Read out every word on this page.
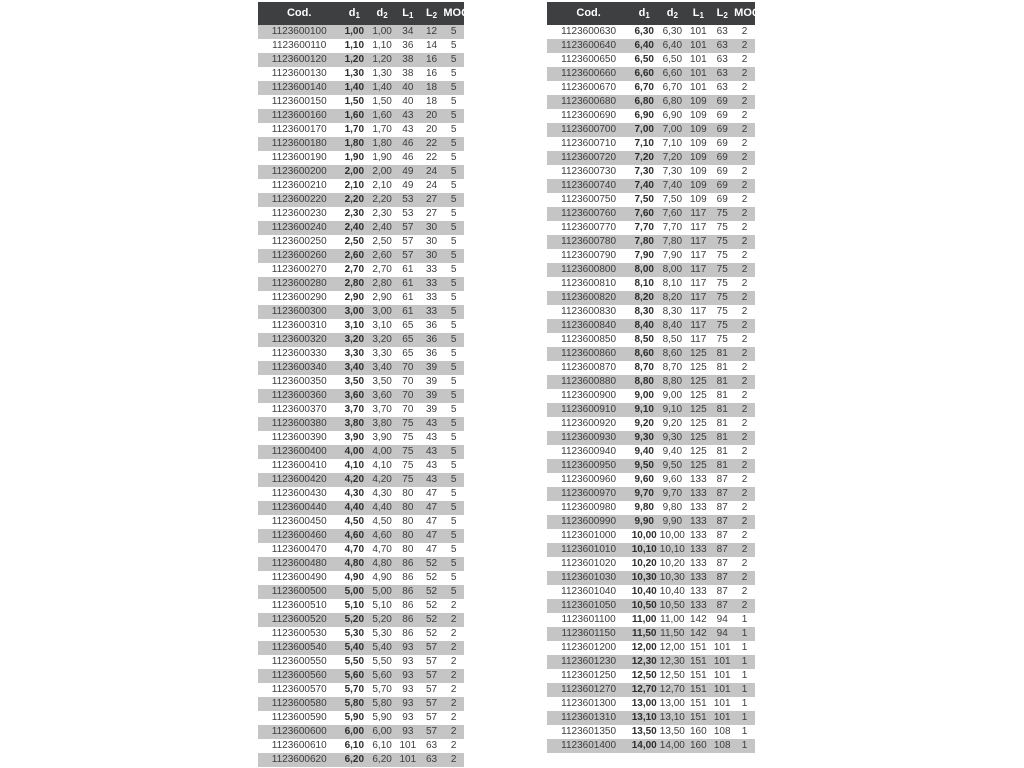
Cod.	$d_1$	$d_2$	$L_1$	$L_2$	MOQ*
1123600100	1,00	1,00	34	12	5
1123600110	1,10	1,10	36	14	5
1123600120	1,20	1,20	38	16	5
1123600130	1,30	1,30	38	16	5
1123600140	1,40	1,40	40	18	5
1123600150	1,50	1,50	40	18	5
1123600160	1,60	1,60	43	20	5
1123600170	1,70	1,70	43	20	5
1123600180	1,80	1,80	46	22	5
1123600190	1,90	1,90	46	22	5
1123600200	2,00	2,00	49	24	5
1123600210	2,10	2,10	49	24	5
1123600220	2,20	2,20	53	27	5
1123600230	2,30	2,30	53	27	5
1123600240	2,40	2,40	57	30	5
1123600250	2,50	2,50	57	30	5
1123600260	2,60	2,60	57	30	5
1123600270	2,70	2,70	61	33	5
1123600280	2,80	2,80	61	33	5
1123600290	2,90	2,90	61	33	5
1123600300	3,00	3,00	61	33	5
1123600310	3,10	3,10	65	36	5
1123600320	3,20	3,20	65	36	5
1123600330	3,30	3,30	65	36	5
1123600340	3,40	3,40	70	39	5
1123600350	3,50	3,50	70	39	5
1123600360	3,60	3,60	70	39	5
1123600370	3,70	3,70	70	39	5
1123600380	3,80	3,80	75	43	5
1123600390	3,90	3,90	75	43	5
1123600400	4,00	4,00	75	43	5
1123600410	4,10	4,10	75	43	5
1123600420	4,20	4,20	75	43	5
1123600430	4,30	4,30	80	47	5
1123600440	4,40	4,40	80	47	5
1123600450	4,50	4,50	80	47	5
1123600460	4,60	4,60	80	47	5
1123600470	4,70	4,70	80	47	5
1123600480	4,80	4,80	86	52	5
1123600490	4,90	4,90	86	52	5
1123600500	5,00	5,00	86	52	5
1123600510	5,10	5,10	86	52	2
1123600520	5,20	5,20	86	52	2
1123600530	5,30	5,30	86	52	2
1123600540	5,40	5,40	93	57	2
1123600550	5,50	5,50	93	57	2
1123600560	5,60	5,60	93	57	2
1123600570	5,70	5,70	93	57	2
1123600580	5,80	5,80	93	57	2
1123600590	5,90	5,90	93	57	2
1123600600	6,00	6,00	93	57	2
1123600610	6,10	6,10	101	63	2
1123600620	6,20	6,20	101	63	2
Cod.	$d_1$	$d_2$	$L_1$	$L_2$	MOQ*
1123600630	6,30	6,30	101	63	2
1123600640	6,40	6,40	101	63	2
1123600650	6,50	6,50	101	63	2
1123600660	6,60	6,60	101	63	2
1123600670	6,70	6,70	101	63	2
1123600680	6,80	6,80	109	69	2
1123600690	6,90	6,90	109	69	2
1123600700	7,00	7,00	109	69	2
1123600710	7,10	7,10	109	69	2
1123600720	7,20	7,20	109	69	2
1123600730	7,30	7,30	109	69	2
1123600740	7,40	7,40	109	69	2
1123600750	7,50	7,50	109	69	2
1123600760	7,60	7,60	117	75	2
1123600770	7,70	7,70	117	75	2
1123600780	7,80	7,80	117	75	2
1123600790	7,90	7,90	117	75	2
1123600800	8,00	8,00	117	75	2
1123600810	8,10	8,10	117	75	2
1123600820	8,20	8,20	117	75	2
1123600830	8,30	8,30	117	75	2
1123600840	8,40	8,40	117	75	2
1123600850	8,50	8,50	117	75	2
1123600860	8,60	8,60	125	81	2
1123600870	8,70	8,70	125	81	2
1123600880	8,80	8,80	125	81	2
1123600900	9,00	9,00	125	81	2
1123600910	9,10	9,10	125	81	2
1123600920	9,20	9,20	125	81	2
1123600930	9,30	9,30	125	81	2
1123600940	9,40	9,40	125	81	2
1123600950	9,50	9,50	125	81	2
1123600960	9,60	9,60	133	87	2
1123600970	9,70	9,70	133	87	2
1123600980	9,80	9,80	133	87	2
1123600990	9,90	9,90	133	87	2
1123601000	10,00	10,00	133	87	2
1123601010	10,10	10,10	133	87	2
1123601020	10,20	10,20	133	87	2
1123601030	10,30	10,30	133	87	2
1123601040	10,40	10,40	133	87	2
1123601050	10,50	10,50	133	87	2
1123601100	11,00	11,00	142	94	1
1123601150	11,50	11,50	142	94	1
1123601200	12,00	12,00	151	101	1
1123601230	12,30	12,30	151	101	1
1123601250	12,50	12,50	151	101	1
1123601270	12,70	12,70	151	101	1
1123601300	13,00	13,00	151	101	1
1123601310	13,10	13,10	151	101	1
1123601350	13,50	13,50	160	108	1
1123601400	14,00	14,00	160	108	1
